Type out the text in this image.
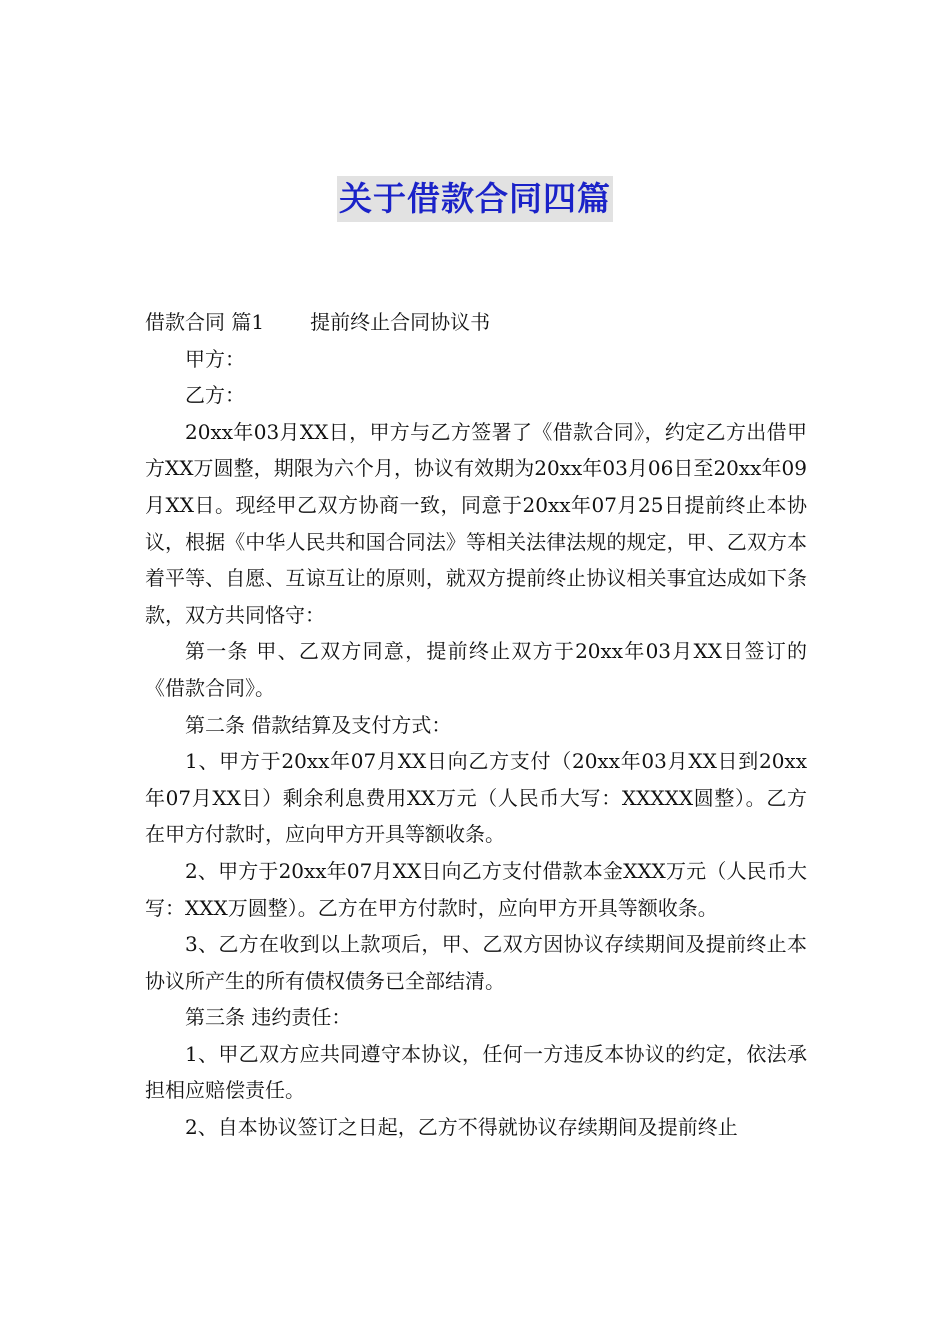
关于借款合同四篇

借款合同 篇1 提前终止合同协议书

甲方：

乙方：

20xx年03月XX日，甲方与乙方签署了《借款合同》，约定乙方出借甲方XX万圆整，期限为六个月，协议有效期为20xx年03月06日至20xx年09月XX日。现经甲乙双方协商一致，同意于20xx年07月25日提前终止本协议，根据《中华人民共和国合同法》等相关法律法规的规定，甲、乙双方本着平等、自愿、互谅互让的原则，就双方提前终止协议相关事宜达成如下条款，双方共同恪守：

第一条 甲、乙双方同意，提前终止双方于20xx年03月XX日签订的《借款合同》。

第二条 借款结算及支付方式：

1、甲方于20xx年07月XX日向乙方支付（20xx年03月XX日到20xx年07月XX日）剩余利息费用XX万元（人民币大写：XXXXX圆整）。乙方在甲方付款时，应向甲方开具等额收条。

2、甲方于20xx年07月XX日向乙方支付借款本金XXX万元（人民币大写：XXX万圆整）。乙方在甲方付款时，应向甲方开具等额收条。

3、乙方在收到以上款项后，甲、乙双方因协议存续期间及提前终止本协议所产生的所有债权债务已全部结清。

第三条 违约责任：

1、甲乙双方应共同遵守本协议，任何一方违反本协议的约定，依法承担相应赔偿责任。

2、自本协议签订之日起，乙方不得就协议存续期间及提前终止
